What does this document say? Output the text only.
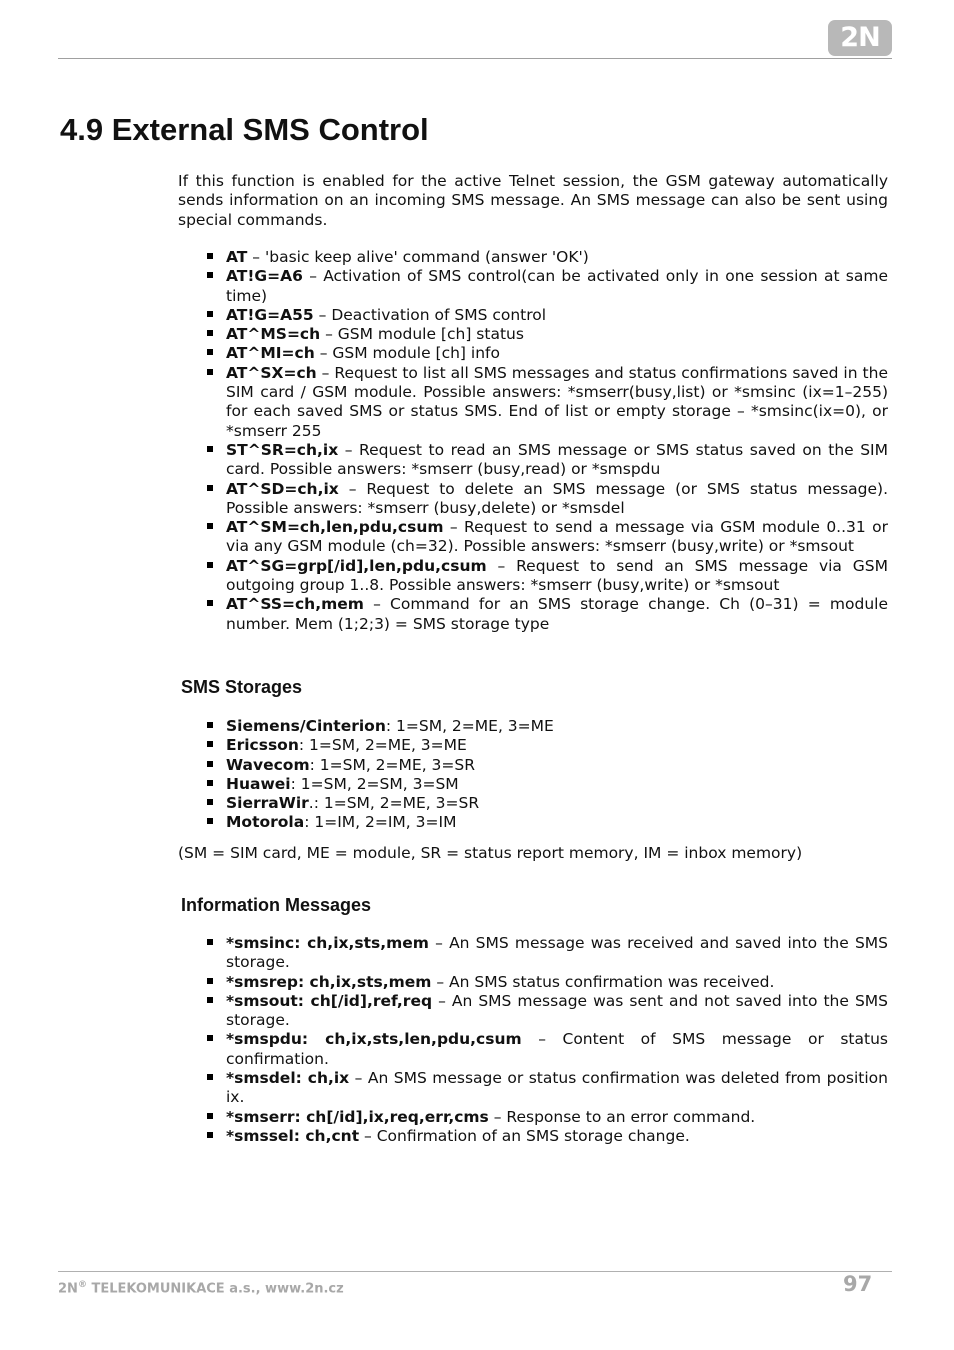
2N
4.9 External SMS Control

If this function is enabled for the active Telnet session, the GSM gateway automatically sends information on an incoming SMS message. An SMS message can also be sent using special commands.

AT – 'basic keep alive' command (answer 'OK')
AT!G=A6 – Activation of SMS control(can be activated only in one session at same time)
AT!G=A55 – Deactivation of SMS control
AT^MS=ch – GSM module [ch] status
AT^MI=ch – GSM module [ch] info
AT^SX=ch – Request to list all SMS messages and status confirmations saved in the SIM card / GSM module. Possible answers: *smserr(busy,list) or *smsinc (ix=1–255) for each saved SMS or status SMS. End of list or empty storage – *smsinc(ix=0), or *smserr 255
ST^SR=ch,ix – Request to read an SMS message or SMS status saved on the SIM card. Possible answers: *smserr (busy,read) or *smspdu
AT^SD=ch,ix – Request to delete an SMS message (or SMS status message). Possible answers: *smserr (busy,delete) or *smsdel
AT^SM=ch,len,pdu,csum – Request to send a message via GSM module 0..31 or via any GSM module (ch=32). Possible answers: *smserr (busy,write) or *smsout
AT^SG=grp[/id],len,pdu,csum – Request to send an SMS message via GSM outgoing group 1..8. Possible answers: *smserr (busy,write) or *smsout
AT^SS=ch,mem – Command for an SMS storage change. Ch (0–31) = module number. Mem (1;2;3) = SMS storage type
SMS Storages
Siemens/Cinterion: 1=SM, 2=ME, 3=ME
Ericsson: 1=SM, 2=ME, 3=ME
Wavecom: 1=SM, 2=ME, 3=SR
Huawei: 1=SM, 2=SM, 3=SM
SierraWir.: 1=SM, 2=ME, 3=SR
Motorola: 1=IM, 2=IM, 3=IM

(SM = SIM card, ME = module, SR = status report memory, IM = inbox memory)

Information Messages
*smsinc: ch,ix,sts,mem – An SMS message was received and saved into the SMS storage.
*smsrep: ch,ix,sts,mem – An SMS status confirmation was received.
*smsout: ch[/id],ref,req – An SMS message was sent and not saved into the SMS storage.
*smspdu: ch,ix,sts,len,pdu,csum – Content of SMS message or status confirmation.
*smsdel: ch,ix – An SMS message or status confirmation was deleted from position ix.
*smserr: ch[/id],ix,req,err,cms – Response to an error command.
*smssel: ch,cnt – Confirmation of an SMS storage change.
2N® TELEKOMUNIKACE a.s., www.2n.cz	97
